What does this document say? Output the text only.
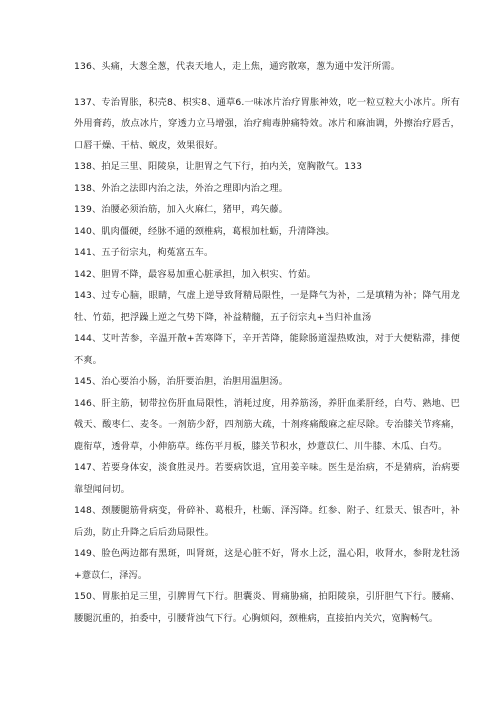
136、头痛，大葱全葱，代表天地人，走上焦，通窍散寒，葱为通中发汗所需。

137、专治胃胀，积壳8、枳实8、通草6.一味冰片治疗胃胀神效，吃一粒豆粒大小冰片。所有外用膏药，放点冰片，穿透力立马增强，治疗痈毒肿痛特效。冰片和麻油调，外擦治疗唇舌，口唇干燥、干枯、蜕皮，效果很好。

138、拍足三里、阳陵泉，让胆胃之气下行，拍内关，宽胸散气。133

138、外治之法即内治之法，外治之理即内治之理。

139、治腰必须治筋，加入火麻仁，猪甲，鸡矢藤。

140、肌肉僵硬，经脉不通的颈椎病，葛根加杜蛎，升清降浊。

141、五子衍宗丸，枸菟富五车。

142、胆胃不降，最容易加重心脏承担，加入枳实、竹茹。

143、过专心脑，眼睛，气虚上逆导致肾精局限性，一是降气为补，二是填精为补；降气用龙牡、竹茹，把浮躁上逆之气势下降，补益精髓，五子衍宗丸+当归补血汤

144、艾叶苦参，辛温开散+苦寒降下，辛开苦降，能除肠道湿热败浊，对于大便粘滞，排便不爽。

145、治心要治小肠，治肝要治胆，治胆用温胆汤。

146、肝主筋，韧带拉伤肝血局限性，消耗过度，用养筋汤，养肝血柔肝经，白芍、熟地、巴戟天、酸枣仁、麦冬。一剂筋少舒，四剂筋大疏，十剂疼痛酸麻之症尽除。专治膝关节疼痛，鹿衔草，透骨草，小伸筋草。练伤平月板，膝关节积水，炒薏苡仁、川牛膝、木瓜、白芍。

147、若要身体安，淡食胜灵丹。若要病饮退，宜用姜辛味。医生是治病，不是猜病，治病要靠望闻问切。

148、颈腰腿筋骨病变，骨碎补、葛根升，杜蛎、泽泻降。红参、附子、红景天、银杏叶，补后劲，防止升降之后后劲局限性。

149、脸色两边都有黑斑，叫肾斑，这是心脏不好，肾水上泛，温心阳，收肾水，参附龙牡汤+薏苡仁，泽泻。

150、胃胀拍足三里，引脾胃气下行。胆囊炎、胃痛胁痛，拍阳陵泉，引肝胆气下行。腰痛、腰腿沉重的，拍委中，引腰背浊气下行。心胸烦闷，颈椎病，直接拍内关穴，宽胸畅气。
